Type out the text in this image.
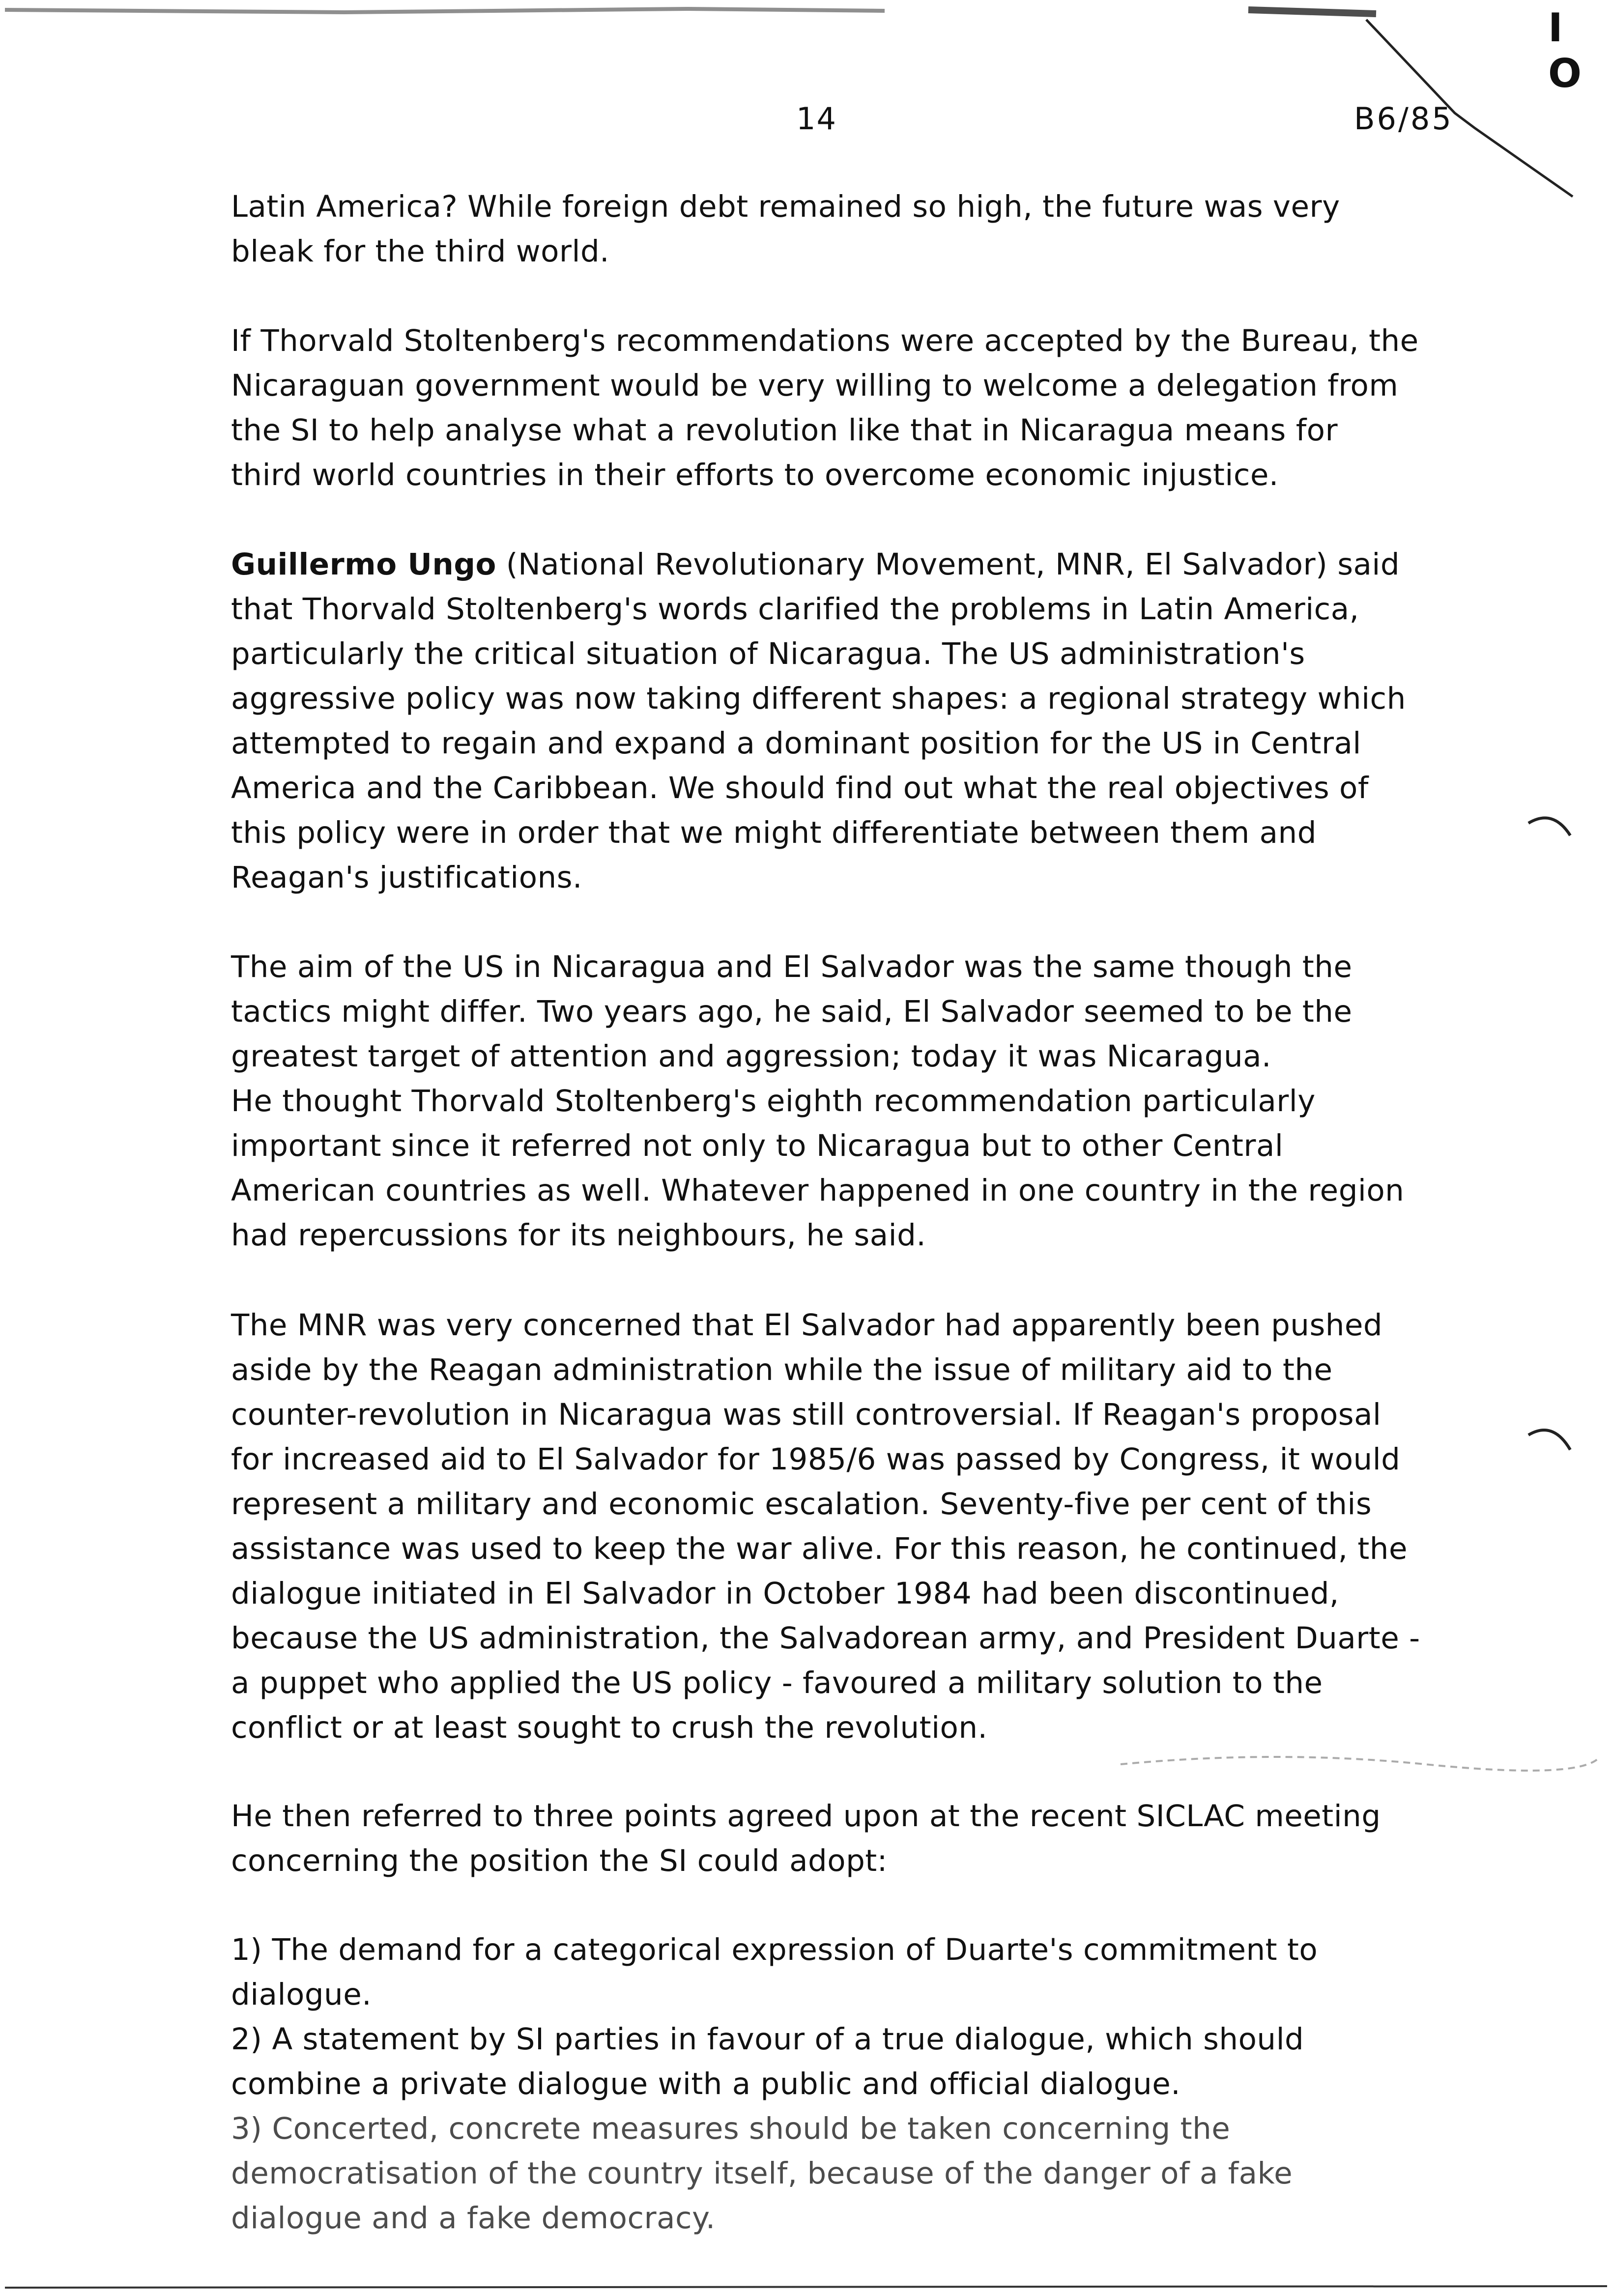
I O
14	B6/85

Latin America? While foreign debt remained so high, the future was very
bleak for the third world.

If Thorvald Stoltenberg's recommendations were accepted by the Bureau, the
Nicaraguan government would be very willing to welcome a delegation from
the SI to help analyse what a revolution like that in Nicaragua means for
third world countries in their efforts to overcome economic injustice.

Guillermo Ungo (National Revolutionary Movement, MNR, El Salvador) said
that Thorvald Stoltenberg's words clarified the problems in Latin America,
particularly the critical situation of Nicaragua. The US administration's
aggressive policy was now taking different shapes: a regional strategy which
attempted to regain and expand a dominant position for the US in Central
America and the Caribbean. We should find out what the real objectives of
this policy were in order that we might differentiate between them and
Reagan's justifications.

The aim of the US in Nicaragua and El Salvador was the same though the
tactics might differ. Two years ago, he said, El Salvador seemed to be the
greatest target of attention and aggression; today it was Nicaragua.
He thought Thorvald Stoltenberg's eighth recommendation particularly
important since it referred not only to Nicaragua but to other Central
American countries as well. Whatever happened in one country in the region
had repercussions for its neighbours, he said.

The MNR was very concerned that El Salvador had apparently been pushed
aside by the Reagan administration while the issue of military aid to the
counter-revolution in Nicaragua was still controversial. If Reagan's proposal
for increased aid to El Salvador for 1985/6 was passed by Congress, it would
represent a military and economic escalation. Seventy-five per cent of this
assistance was used to keep the war alive. For this reason, he continued, the
dialogue initiated in El Salvador in October 1984 had been discontinued,
because the US administration, the Salvadorean army, and President Duarte -
a puppet who applied the US policy - favoured a military solution to the
conflict or at least sought to crush the revolution.

He then referred to three points agreed upon at the recent SICLAC meeting
concerning the position the SI could adopt:

1) The demand for a categorical expression of Duarte's commitment to
dialogue.

2) A statement by SI parties in favour of a true dialogue, which should
combine a private dialogue with a public and official dialogue.

3) Concerted, concrete measures should be taken concerning the
democratisation of the country itself, because of the danger of a fake
dialogue and a fake democracy.
